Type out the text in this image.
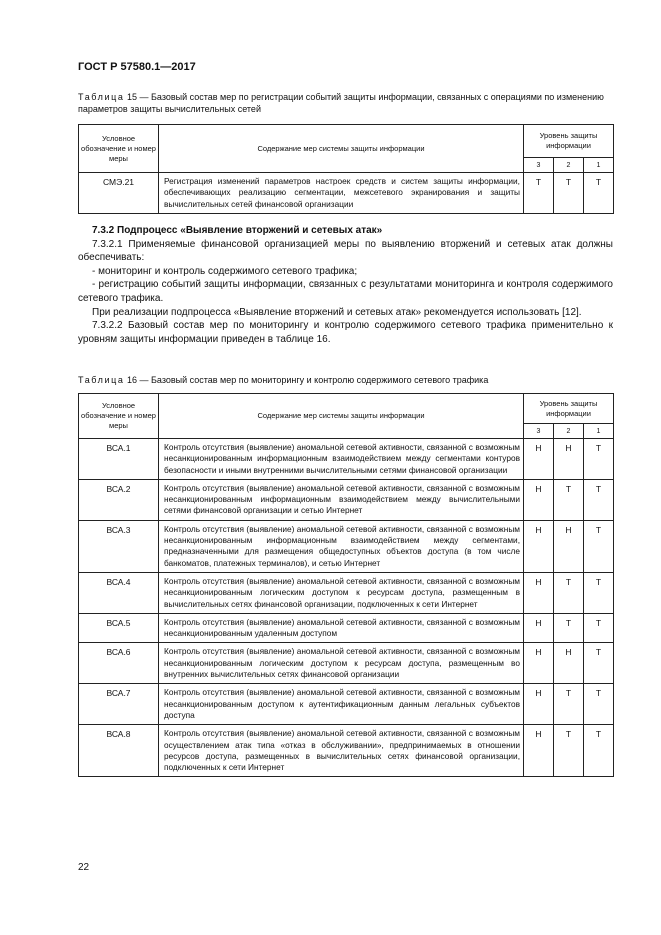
ГОСТ Р 57580.1—2017
Таблица 15 — Базовый состав мер по регистрации событий защиты информации, связанных с операциями по изменению параметров защиты вычислительных сетей
Условное обозначение и номер меры	Содержание мер системы защиты информации	Уровень защиты информации		
		3	2	1
СМЭ.21	Регистрация изменений параметров настроек средств и систем защиты информации, обеспечивающих реализацию сегментации, межсетевого экранирования и защиты вычислительных сетей финансовой организации	Т	Т	Т

7.3.2 Подпроцесс «Выявление вторжений и сетевых атак»

7.3.2.1 Применяемые финансовой организацией меры по выявлению вторжений и сетевых атак должны обеспечивать:

- мониторинг и контроль содержимого сетевого трафика;

- регистрацию событий защиты информации, связанных с результатами мониторинга и контроля содержимого сетевого трафика.

При реализации подпроцесса «Выявление вторжений и сетевых атак» рекомендуется использовать [12].

7.3.2.2 Базовый состав мер по мониторингу и контролю содержимого сетевого трафика применительно к уровням защиты информации приведен в таблице 16.

Таблица 16 — Базовый состав мер по мониторингу и контролю содержимого сетевого трафика
Условное обозначение и номер меры	Содержание мер системы защиты информации	Уровень защиты информации		
		3	2	1
ВСА.1	Контроль отсутствия (выявление) аномальной сетевой активности, связанной с возможным несанкционированным информационным взаимодействием между сегментами контуров безопасности и иными внутренними вычислительными сетями финансовой организации	Н	Н	Т
ВСА.2	Контроль отсутствия (выявление) аномальной сетевой активности, связанной с возможным несанкционированным информационным взаимодействием между вычислительными сетями финансовой организации и сетью Интернет	Н	Т	Т
ВСА.3	Контроль отсутствия (выявление) аномальной сетевой активности, связанной с возможным несанкционированным информационным взаимодействием между сегментами, предназначенными для размещения общедоступных объектов доступа (в том числе банкоматов, платежных терминалов), и сетью Интернет	Н	Н	Т
ВСА.4	Контроль отсутствия (выявление) аномальной сетевой активности, связанной с возможным несанкционированным логическим доступом к ресурсам доступа, размещенным в вычислительных сетях финансовой организации, подключенных к сети Интернет	Н	Т	Т
ВСА.5	Контроль отсутствия (выявление) аномальной сетевой активности, связанной с возможным несанкционированным удаленным доступом	Н	Т	Т
ВСА.6	Контроль отсутствия (выявление) аномальной сетевой активности, связанной с возможным несанкционированным логическим доступом к ресурсам доступа, размещенным во внутренних вычислительных сетях финансовой организации	Н	Н	Т
ВСА.7	Контроль отсутствия (выявление) аномальной сетевой активности, связанной с возможным несанкционированным доступом к аутентификационным данным легальных субъектов доступа	Н	Т	Т
ВСА.8	Контроль отсутствия (выявление) аномальной сетевой активности, связанной с возможным осуществлением атак типа «отказ в обслуживании», предпринимаемых в отношении ресурсов доступа, размещенных в вычислительных сетях финансовой организации, подключенных к сети Интернет	Н	Т	Т
22
